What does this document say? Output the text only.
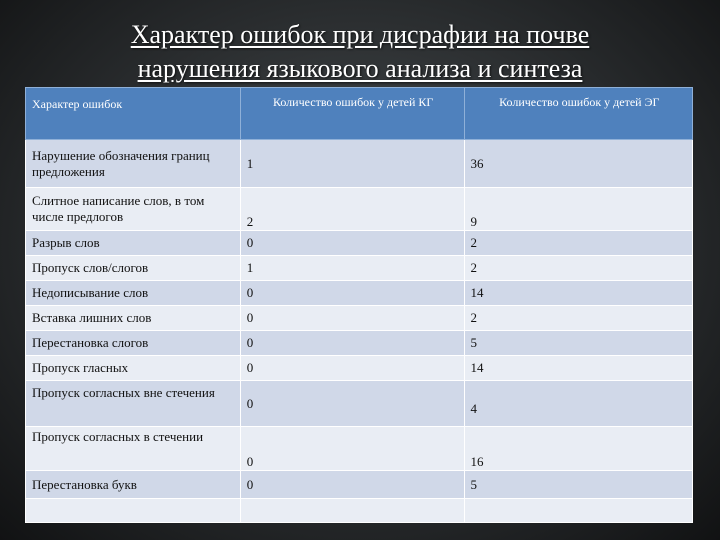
Характер ошибок при дисрафии на почве
нарушения языкового анализа и синтеза
Характер ошибок	Количество ошибок у детей КГ	Количество ошибок у детей ЭГ
Нарушение обозначения границ предложения	1	36
Слитное написание слов, в том числе предлогов	2	9
Разрыв слов	0	2
Пропуск слов/слогов	1	2
Недописывание слов	0	14
Вставка лишних слов	0	2
Перестановка слогов	0	5
Пропуск гласных	0	14
Пропуск согласных вне стечения	0	4
Пропуск согласных в стечении	0	16
Перестановка букв	0	5
